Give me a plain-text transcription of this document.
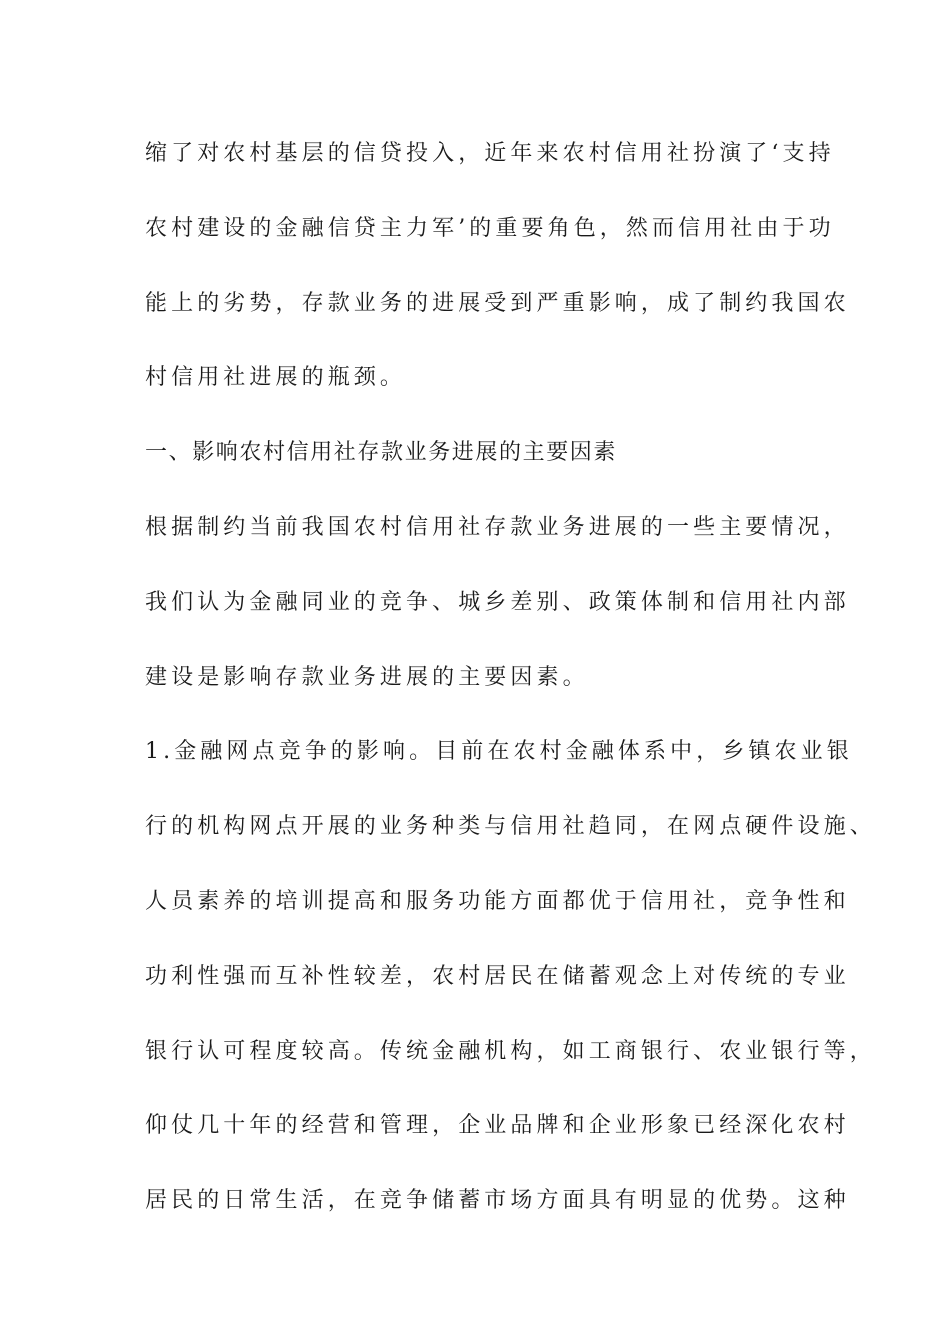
缩了对农村基层的信贷投入，近年来农村信用社扮演了‘支持
农村建设的金融信贷主力军’的重要角色，然而信用社由于功
能上的劣势，存款业务的进展受到严重影响，成了制约我国农
村信用社进展的瓶颈。
一、影响农村信用社存款业务进展的主要因素
根据制约当前我国农村信用社存款业务进展的一些主要情况，
我们认为金融同业的竞争、城乡差别、政策体制和信用社内部
建设是影响存款业务进展的主要因素。
1.金融网点竞争的影响。目前在农村金融体系中，乡镇农业银
行的机构网点开展的业务种类与信用社趋同，在网点硬件设施、
人员素养的培训提高和服务功能方面都优于信用社，竞争性和
功利性强而互补性较差，农村居民在储蓄观念上对传统的专业
银行认可程度较高。传统金融机构，如工商银行、农业银行等，
仰仗几十年的经营和管理，企业品牌和企业形象已经深化农村
居民的日常生活，在竞争储蓄市场方面具有明显的优势。这种
